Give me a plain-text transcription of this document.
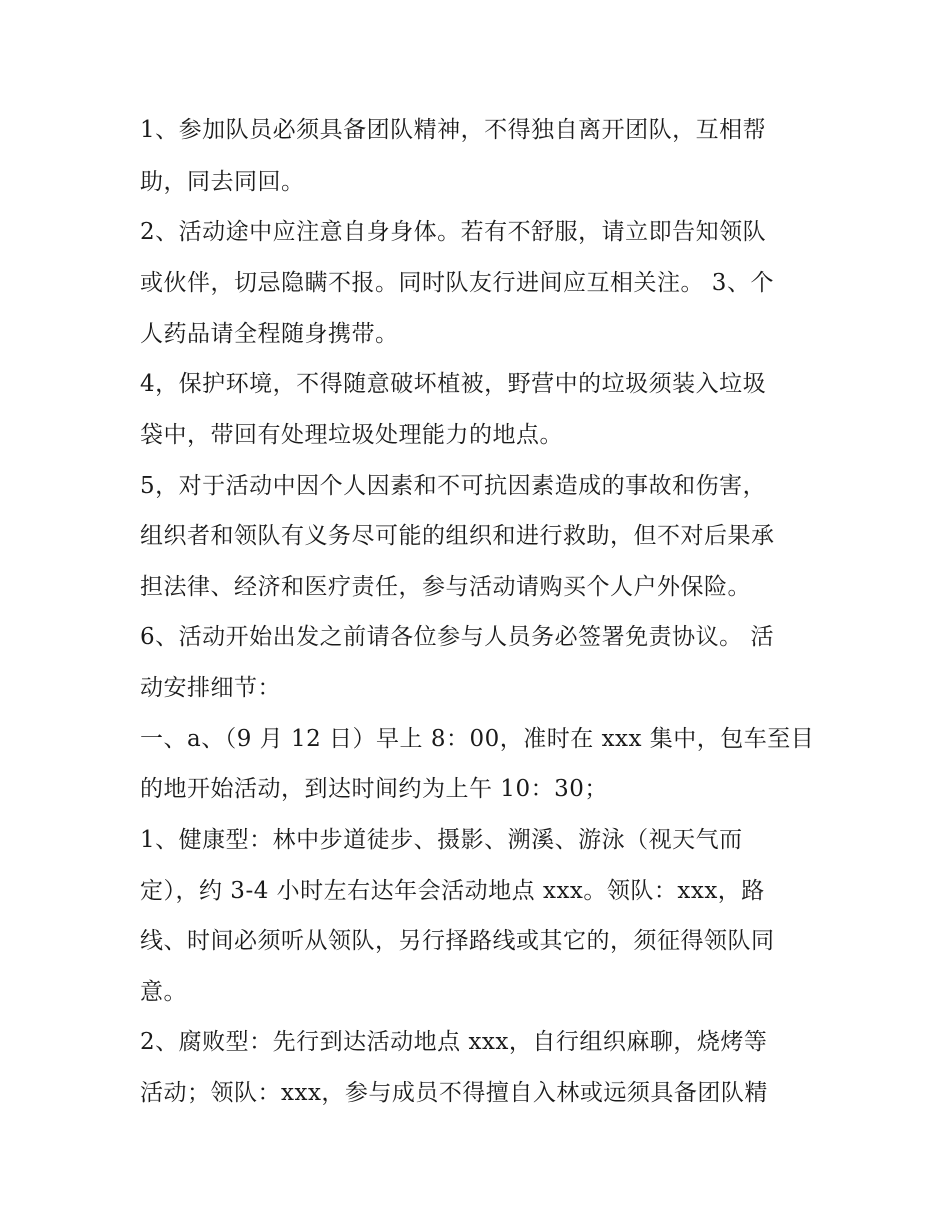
1、参加队员必须具备团队精神，不得独自离开团队，互相帮
助，同去同回。
2、活动途中应注意自身身体。若有不舒服，请立即告知领队
或伙伴，切忌隐瞒不报。同时队友行进间应互相关注。 3、个
人药品请全程随身携带。
4，保护环境，不得随意破坏植被，野营中的垃圾须装入垃圾
袋中，带回有处理垃圾处理能力的地点。
5，对于活动中因个人因素和不可抗因素造成的事故和伤害，
组织者和领队有义务尽可能的组织和进行救助，但不对后果承
担法律、经济和医疗责任，参与活动请购买个人户外保险。
6、活动开始出发之前请各位参与人员务必签署免责协议。 活
动安排细节：
一、a、（9 月 12 日）早上 8：00，准时在 xxx 集中，包车至目
的地开始活动，到达时间约为上午 10：30；
1、健康型：林中步道徒步、摄影、溯溪、游泳（视天气而
定），约 3-4 小时左右达年会活动地点 xxx。领队：xxx，路
线、时间必须听从领队，另行择路线或其它的，须征得领队同
意。
2、腐败型：先行到达活动地点 xxx，自行组织麻聊，烧烤等
活动；领队：xxx，参与成员不得擅自入林或远须具备团队精
